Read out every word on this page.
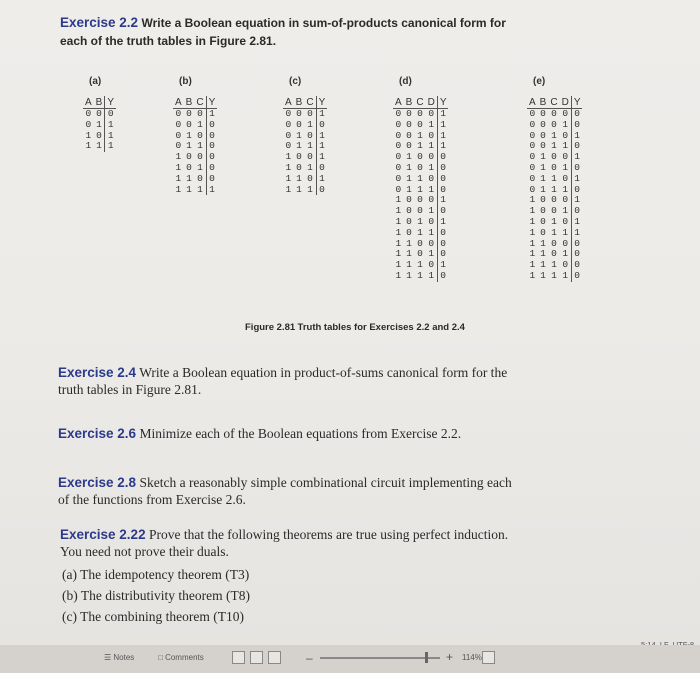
Exercise 2.2 Write a Boolean equation in sum-of-products canonical form for
each of the truth tables in Figure 2.81.
(a)
A	B	Y
0	0	0
0	1	1
1	0	1
1	1	1
(b)
A	B	C	Y
0	0	0	1
0	0	1	0
0	1	0	0
0	1	1	0
1	0	0	0
1	0	1	0
1	1	0	0
1	1	1	1
(c)
A	B	C	Y
0	0	0	1
0	0	1	0
0	1	0	1
0	1	1	1
1	0	0	1
1	0	1	0
1	1	0	1
1	1	1	0
(d)
A	B	C	D	Y
0	0	0	0	1
0	0	0	1	1
0	0	1	0	1
0	0	1	1	1
0	1	0	0	0
0	1	0	1	0
0	1	1	0	0
0	1	1	1	0
1	0	0	0	1
1	0	0	1	0
1	0	1	0	1
1	0	1	1	0
1	1	0	0	0
1	1	0	1	0
1	1	1	0	1
1	1	1	1	0
(e)
A	B	C	D	Y
0	0	0	0	0
0	0	0	1	0
0	0	1	0	1
0	0	1	1	0
0	1	0	0	1
0	1	0	1	0
0	1	1	0	1
0	1	1	1	0
1	0	0	0	1
1	0	0	1	0
1	0	1	0	1
1	0	1	1	1
1	1	0	0	0
1	1	0	1	0
1	1	1	0	0
1	1	1	1	0
Figure 2.81 Truth tables for Exercises 2.2 and 2.4
Exercise 2.4 Write a Boolean equation in product-of-sums canonical form for the
truth tables in Figure 2.81.
Exercise 2.6 Minimize each of the Boolean equations from Exercise 2.2.
Exercise 2.8 Sketch a reasonably simple combinational circuit implementing each
of the functions from Exercise 2.6.
Exercise 2.22 Prove that the following theorems are true using perfect induction.
You need not prove their duals.
(a) The idempotency theorem (T3)
(b) The distributivity theorem (T8)
(c) The combining theorem (T10)

☰ Notes	□ Comments	–	+ 114%
